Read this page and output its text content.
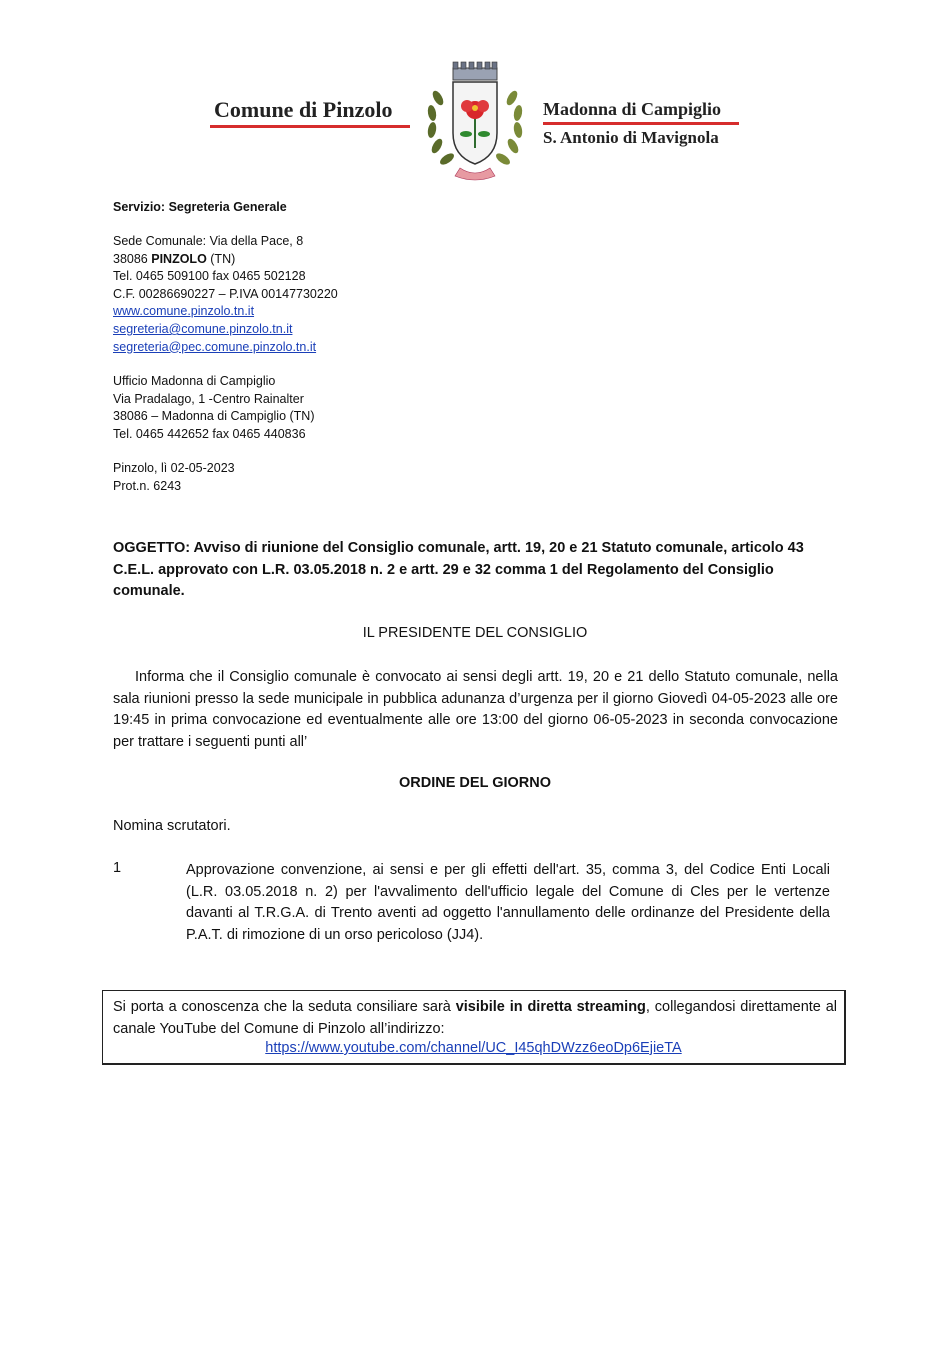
Comune di Pinzolo	Madonna di Campiglio
S. Antonio di Mavignola
Servizio: Segreteria Generale
Sede Comunale: Via della Pace, 8
38086 PINZOLO (TN)
Tel. 0465 509100 fax 0465 502128
C.F. 00286690227 – P.IVA 00147730220
www.comune.pinzolo.tn.it
segreteria@comune.pinzolo.tn.it
segreteria@pec.comune.pinzolo.tn.it
Ufficio Madonna di Campiglio
Via Pradalago, 1 -Centro Rainalter
38086 – Madonna di Campiglio (TN)
Tel. 0465 442652 fax 0465 440836
Pinzolo, lì 02-05-2023
Prot.n. 6243
OGGETTO: Avviso di riunione del Consiglio comunale, artt. 19, 20 e 21 Statuto comunale, articolo 43 C.E.L. approvato con L.R. 03.05.2018 n. 2 e artt. 29 e 32 comma 1 del Regolamento del Consiglio comunale.
IL PRESIDENTE DEL CONSIGLIO
Informa che il Consiglio comunale è convocato ai sensi degli artt. 19, 20 e 21 dello Statuto comunale, nella sala riunioni presso la sede municipale in pubblica adunanza d’urgenza per il giorno Giovedì 04-05-2023 alle ore 19:45 in prima convocazione ed eventualmente alle ore 13:00 del giorno 06-05-2023 in seconda convocazione per trattare i seguenti punti all’
ORDINE DEL GIORNO
Nomina scrutatori.
1	Approvazione convenzione, ai sensi e per gli effetti dell'art. 35, comma 3, del Codice Enti Locali (L.R. 03.05.2018 n. 2) per l'avvalimento dell'ufficio legale del Comune di Cles per le vertenze davanti al T.R.G.A. di Trento aventi ad oggetto l'annullamento delle ordinanze del Presidente della P.A.T. di rimozione di un orso pericoloso (JJ4).
Si porta a conoscenza che la seduta consiliare sarà visibile in diretta streaming, collegandosi direttamente al canale YouTube del Comune di Pinzolo all’indirizzo:
https://www.youtube.com/channel/UC_I45qhDWzz6eoDp6EjieTA
